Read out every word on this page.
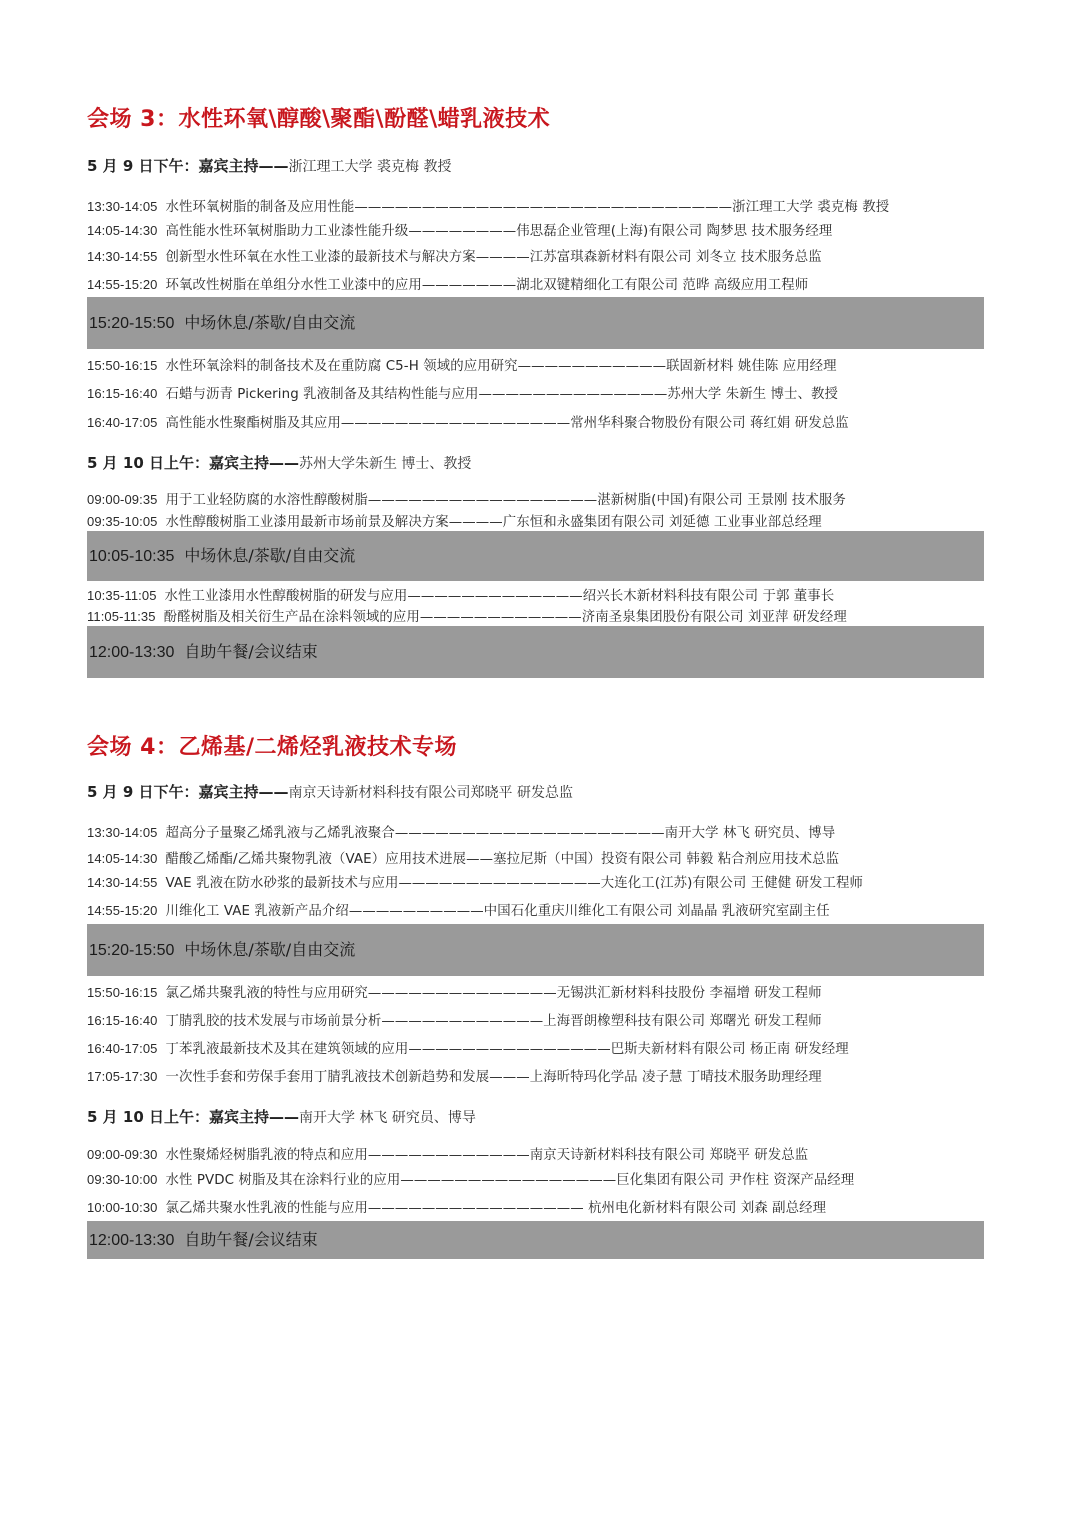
会场 3：水性环氧\醇酸\聚酯\酚醛\蜡乳液技术
5 月 9 日下午：嘉宾主持——浙江理工大学 裘克梅 教授
13:30-14:05 水性环氧树脂的制备及应用性能————————————————————————————浙江理工大学 裘克梅 教授
14:05-14:30 高性能水性环氧树脂助力工业漆性能升级————————伟思磊企业管理(上海)有限公司 陶梦思 技术服务经理
14:30-14:55 创新型水性环氧在水性工业漆的最新技术与解决方案————江苏富琪森新材料有限公司 刘冬立 技术服务总监
14:55-15:20 环氧改性树脂在单组分水性工业漆中的应用———————湖北双键精细化工有限公司 范晔 高级应用工程师
15:20-15:50 中场休息/茶歇/自由交流
15:50-16:15 水性环氧涂料的制备技术及在重防腐 C5-H 领域的应用研究———————————联固新材料 姚佳陈 应用经理
16:15-16:40 石蜡与沥青 Pickering 乳液制备及其结构性能与应用——————————————苏州大学 朱新生 博士、教授
16:40-17:05 高性能水性聚酯树脂及其应用—————————————————常州华科聚合物股份有限公司 蒋红娟 研发总监
5 月 10 日上午：嘉宾主持——苏州大学朱新生 博士、教授
09:00-09:35 用于工业轻防腐的水溶性醇酸树脂—————————————————湛新树脂(中国)有限公司 王景刚 技术服务
09:35-10:05 水性醇酸树脂工业漆用最新市场前景及解决方案————广东恒和永盛集团有限公司 刘延德 工业事业部总经理
10:05-10:35 中场休息/茶歇/自由交流
10:35-11:05 水性工业漆用水性醇酸树脂的研发与应用—————————————绍兴长木新材料科技有限公司 于郭 董事长
11:05-11:35 酚醛树脂及相关衍生产品在涂料领域的应用————————————济南圣泉集团股份有限公司 刘亚萍 研发经理
12:00-13:30 自助午餐/会议结束
会场 4：乙烯基/二烯烃乳液技术专场
5 月 9 日下午：嘉宾主持——南京天诗新材料科技有限公司郑晓平 研发总监
13:30-14:05 超高分子量聚乙烯乳液与乙烯乳液聚合————————————————————南开大学 林飞 研究员、博导
14:05-14:30 醋酸乙烯酯/乙烯共聚物乳液（VAE）应用技术进展——塞拉尼斯（中国）投资有限公司 韩毅 粘合剂应用技术总监
14:30-14:55 VAE 乳液在防水砂浆的最新技术与应用———————————————大连化工(江苏)有限公司 王健健 研发工程师
14:55-15:20 川维化工 VAE 乳液新产品介绍——————————中国石化重庆川维化工有限公司 刘晶晶 乳液研究室副主任
15:20-15:50 中场休息/茶歇/自由交流
15:50-16:15 氯乙烯共聚乳液的特性与应用研究——————————————无锡洪汇新材料科技股份 李福增 研发工程师
16:15-16:40 丁腈乳胶的技术发展与市场前景分析————————————上海晋朗橡塑科技有限公司 郑曙光 研发工程师
16:40-17:05 丁苯乳液最新技术及其在建筑领域的应用———————————————巴斯夫新材料有限公司 杨正南 研发经理
17:05-17:30 一次性手套和劳保手套用丁腈乳液技术创新趋势和发展———上海昕特玛化学品 凌子慧 丁晴技术服务助理经理
5 月 10 日上午：嘉宾主持——南开大学 林飞 研究员、博导
09:00-09:30 水性聚烯烃树脂乳液的特点和应用————————————南京天诗新材料科技有限公司 郑晓平 研发总监
09:30-10:00 水性 PVDC 树脂及其在涂料行业的应用————————————————巨化集团有限公司 尹作柱 资深产品经理
10:00-10:30 氯乙烯共聚水性乳液的性能与应用———————————————— 杭州电化新材料有限公司 刘森 副总经理
12:00-13:30 自助午餐/会议结束
